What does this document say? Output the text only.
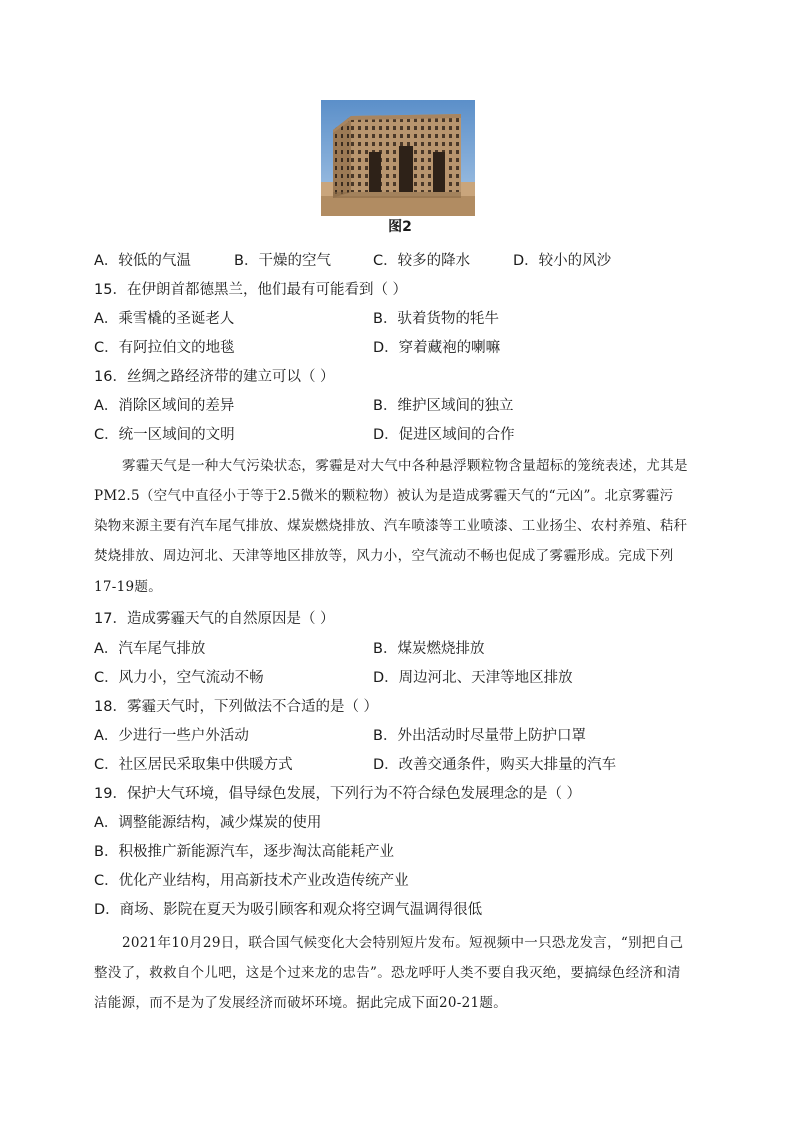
图2
A．较低的气温	B．干燥的空气	C．较多的降水	D．较小的风沙
15．在伊朗首都德黑兰，他们最有可能看到（ ）
A．乘雪橇的圣诞老人	B．驮着货物的牦牛
C．有阿拉伯文的地毯	D．穿着藏袍的喇嘛
16．丝绸之路经济带的建立可以（ ）
A．消除区域间的差异	B．维护区域间的独立
C．统一区域间的文明	D．促进区域间的合作
雾霾天气是一种大气污染状态，雾霾是对大气中各种悬浮颗粒物含量超标的笼统表述，尤其是
PM2.5（空气中直径小于等于2.5微米的颗粒物）被认为是造成雾霾天气的“元凶”。北京雾霾污
染物来源主要有汽车尾气排放、煤炭燃烧排放、汽车喷漆等工业喷漆、工业扬尘、农村养殖、秸秆
焚烧排放、周边河北、天津等地区排放等，风力小，空气流动不畅也促成了雾霾形成。完成下列
17-19题。
17．造成雾霾天气的自然原因是（ ）
A．汽车尾气排放	B．煤炭燃烧排放
C．风力小，空气流动不畅	D．周边河北、天津等地区排放
18．雾霾天气时，下列做法不合适的是（ ）
A．少进行一些户外活动	B．外出活动时尽量带上防护口罩
C．社区居民采取集中供暖方式	D．改善交通条件，购买大排量的汽车
19．保护大气环境，倡导绿色发展，下列行为不符合绿色发展理念的是（ ）
A．调整能源结构，减少煤炭的使用
B．积极推广新能源汽车，逐步淘汰高能耗产业
C．优化产业结构，用高新技术产业改造传统产业
D．商场、影院在夏天为吸引顾客和观众将空调气温调得很低
2021年10月29日，联合国气候变化大会特别短片发布。短视频中一只恐龙发言，“别把自己
整没了，救救自个儿吧，这是个过来龙的忠告”。恐龙呼吁人类不要自我灭绝，要搞绿色经济和清
洁能源，而不是为了发展经济而破坏环境。据此完成下面20-21题。
